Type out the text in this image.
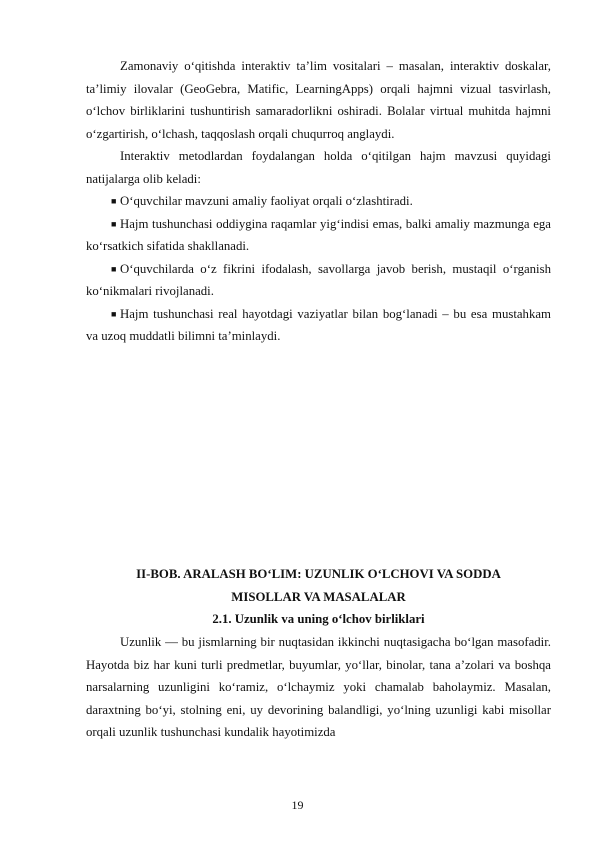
Zamonaviy o‘qitishda interaktiv ta’lim vositalari – masalan, interaktiv doskalar, ta’limiy ilovalar (GeoGebra, Matific, LearningApps) orqali hajmni vizual tasvirlash, o‘lchov birliklarini tushuntirish samaradorlikni oshiradi. Bolalar virtual muhitda hajmni o‘zgartirish, o‘lchash, taqqoslash orqali chuqurroq anglaydi.

Interaktiv metodlardan foydalangan holda o‘qitilgan hajm mavzusi quyidagi natijalarga olib keladi:

■ O‘quvchilar mavzuni amaliy faoliyat orqali o‘zlashtiradi.
■ Hajm tushunchasi oddiygina raqamlar yig‘indisi emas, balki amaliy mazmunga ega ko‘rsatkich sifatida shakllanadi.
■ O‘quvchilarda o‘z fikrini ifodalash, savollarga javob berish, mustaqil o‘rganish ko‘nikmalari rivojlanadi.
■ Hajm tushunchasi real hayotdagi vaziyatlar bilan bog‘lanadi – bu esa mustahkam va uzoq muddatli bilimni ta’minlaydi.
II-BOB. ARALASH BO‘LIM: UZUNLIK O‘LCHOVI VA SODDA
MISOLLAR VA MASALALAR
2.1. Uzunlik va uning o‘lchov birliklari

Uzunlik — bu jismlarning bir nuqtasidan ikkinchi nuqtasigacha bo‘lgan masofadir. Hayotda biz har kuni turli predmetlar, buyumlar, yo‘llar, binolar, tana a’zolari va boshqa narsalarning uzunligini ko‘ramiz, o‘lchaymiz yoki chamalab baholaymiz. Masalan, daraxtning bo‘yi, stolning eni, uy devorining balandligi, yo‘lning uzunligi kabi misollar orqali uzunlik tushunchasi kundalik hayotimizda

19
